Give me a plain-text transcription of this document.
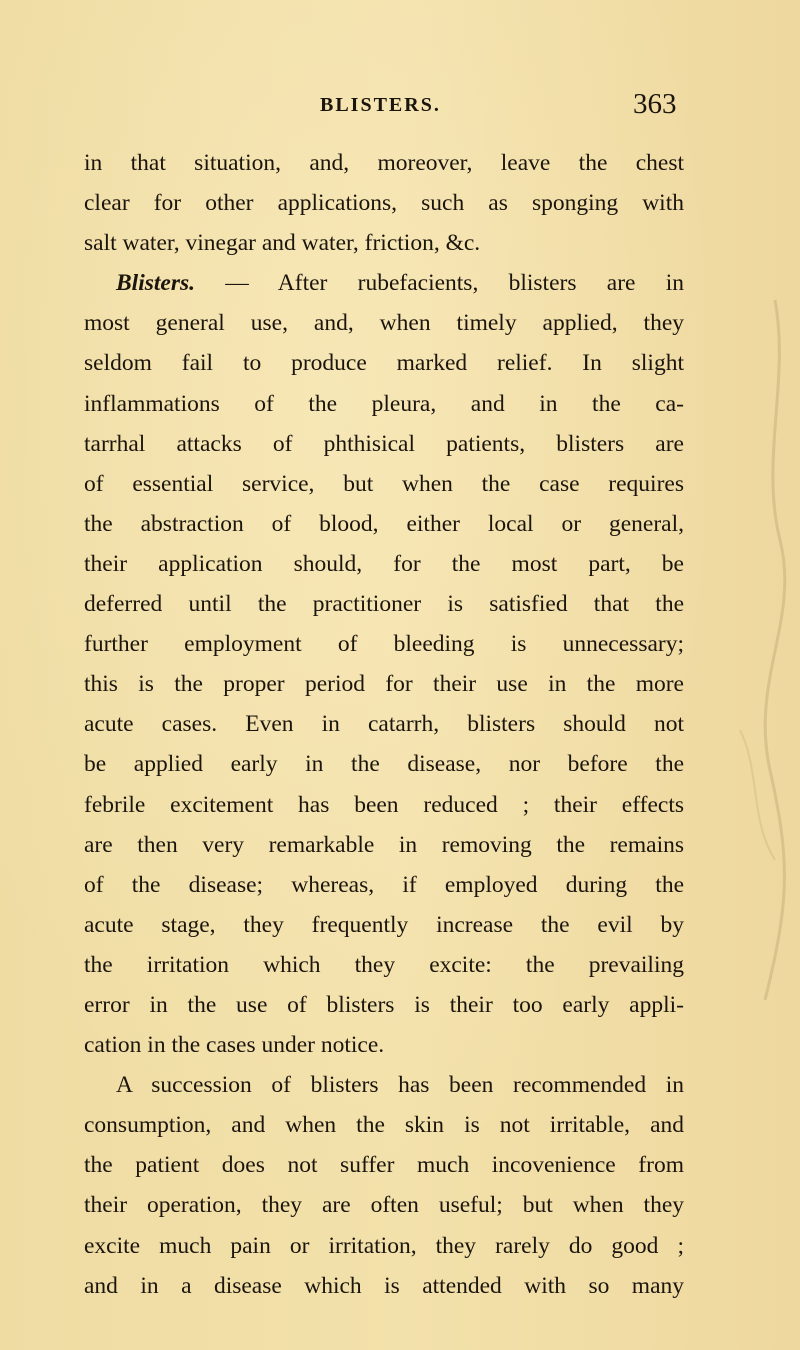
BLISTERS.	363
in that situation, and, moreover, leave the chest
clear for other applications, such as sponging with
salt water, vinegar and water, friction, &c.
Blisters. — After rubefacients, blisters are in
most general use, and, when timely applied, they
seldom fail to produce marked relief. In slight
inflammations of the pleura, and in the ca-
tarrhal attacks of phthisical patients, blisters are
of essential service, but when the case requires
the abstraction of blood, either local or general,
their application should, for the most part, be
deferred until the practitioner is satisfied that the
further employment of bleeding is unnecessary;
this is the proper period for their use in the more
acute cases. Even in catarrh, blisters should not
be applied early in the disease, nor before the
febrile excitement has been reduced ; their effects
are then very remarkable in removing the remains
of the disease; whereas, if employed during the
acute stage, they frequently increase the evil by
the irritation which they excite: the prevailing
error in the use of blisters is their too early appli-
cation in the cases under notice.
A succession of blisters has been recommended in
consumption, and when the skin is not irritable, and
the patient does not suffer much incovenience from
their operation, they are often useful; but when they
excite much pain or irritation, they rarely do good ;
and in a disease which is attended with so many
